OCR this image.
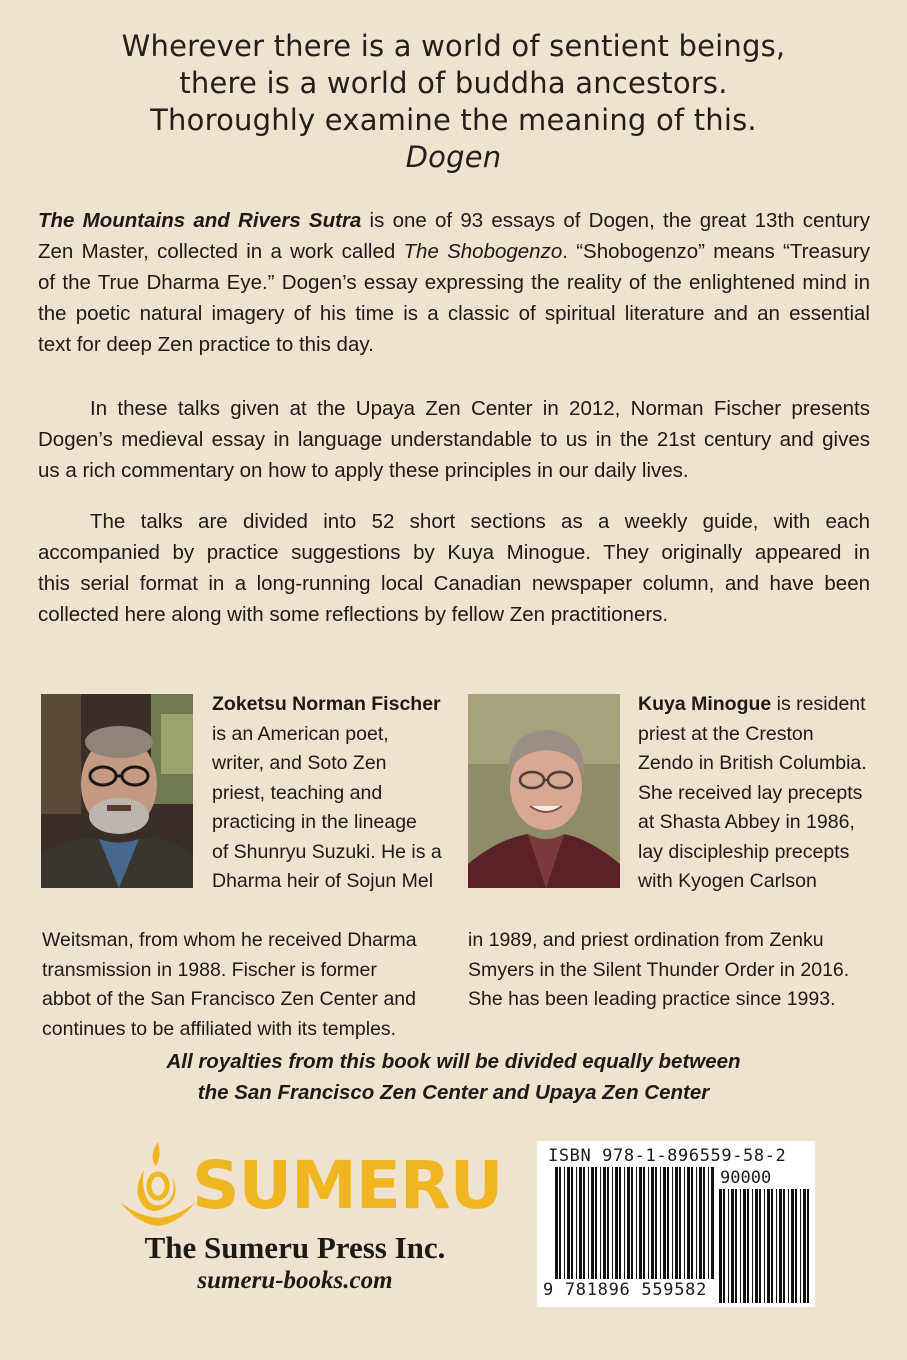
Wherever there is a world of sentient beings,
there is a world of buddha ancestors.
Thoroughly examine the meaning of this.
Dogen
The Mountains and Rivers Sutra is one of 93 essays of Dogen, the great 13th century
Zen Master, collected in a work called The Shobogenzo. “Shobogenzo” means “Treasury
of the True Dharma Eye.” Dogen’s essay expressing the reality of the enlightened mind in
the poetic natural imagery of his time is a classic of spiritual literature and an essential
text for deep Zen practice to this day.
In these talks given at the Upaya Zen Center in 2012, Norman Fischer presents
Dogen’s medieval essay in language understandable to us in the 21st century and gives
us a rich commentary on how to apply these principles in our daily lives.
The talks are divided into 52 short sections as a weekly guide, with each
accompanied by practice suggestions by Kuya Minogue. They originally appeared in
this serial format in a long-running local Canadian newspaper column, and have been
collected here along with some reflections by fellow Zen practitioners.
Zoketsu Norman Fischer
is an American poet,
writer, and Soto Zen
priest, teaching and
practicing in the lineage
of Shunryu Suzuki. He is a
Dharma heir of Sojun Mel
Weitsman, from whom he received Dharma
transmission in 1988. Fischer is former
abbot of the San Francisco Zen Center and
continues to be affiliated with its temples.
Kuya Minogue is resident
priest at the Creston
Zendo in British Columbia.
She received lay precepts
at Shasta Abbey in 1986,
lay discipleship precepts
with Kyogen Carlson
in 1989, and priest ordination from Zenku
Smyers in the Silent Thunder Order in 2016.
She has been leading practice since 1993.
All royalties from this book will be divided equally between
the San Francisco Zen Center and Upaya Zen Center
SUMERU
The Sumeru Press Inc.
sumeru-books.com
ISBN 978-1-896559-58-2
90000
9 781896 559582
